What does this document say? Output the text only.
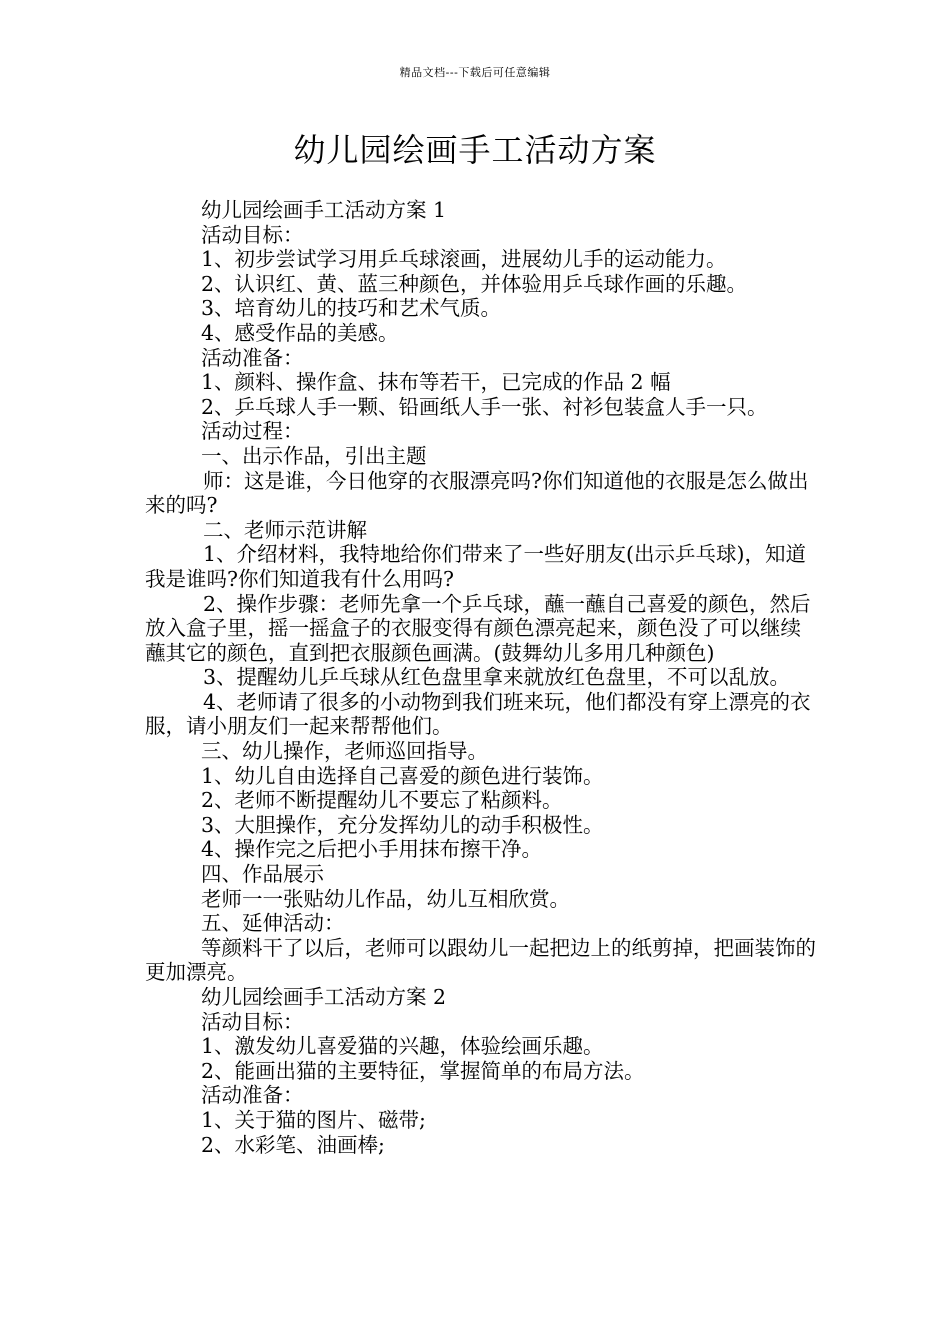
精品文档---下载后可任意编辑
幼儿园绘画手工活动方案

幼儿园绘画手工活动方案 1

活动目标：

1、初步尝试学习用乒乓球滚画，进展幼儿手的运动能力。

2、认识红、黄、蓝三种颜色，并体验用乒乓球作画的乐趣。

3、培育幼儿的技巧和艺术气质。

4、感受作品的美感。

活动准备：

1、颜料、操作盒、抹布等若干，已完成的作品 2 幅

2、乒乓球人手一颗、铅画纸人手一张、衬衫包装盒人手一只。

活动过程：

一、出示作品，引出主题

师：这是谁，今日他穿的衣服漂亮吗?你们知道他的衣服是怎么做出来的吗?

二、老师示范讲解

1、介绍材料，我特地给你们带来了一些好朋友(出示乒乓球)，知道我是谁吗?你们知道我有什么用吗?

2、操作步骤：老师先拿一个乒乓球，蘸一蘸自己喜爱的颜色，然后放入盒子里，摇一摇盒子的衣服变得有颜色漂亮起来，颜色没了可以继续蘸其它的颜色，直到把衣服颜色画满。(鼓舞幼儿多用几种颜色)

3、提醒幼儿乒乓球从红色盘里拿来就放红色盘里，不可以乱放。

4、老师请了很多的小动物到我们班来玩，他们都没有穿上漂亮的衣服，请小朋友们一起来帮帮他们。

三、幼儿操作，老师巡回指导。

1、幼儿自由选择自己喜爱的颜色进行装饰。

2、老师不断提醒幼儿不要忘了粘颜料。

3、大胆操作，充分发挥幼儿的动手积极性。

4、操作完之后把小手用抹布擦干净。

四、作品展示

老师一一张贴幼儿作品，幼儿互相欣赏。

五、延伸活动：

等颜料干了以后，老师可以跟幼儿一起把边上的纸剪掉，把画装饰的更加漂亮。

幼儿园绘画手工活动方案 2

活动目标：

1、激发幼儿喜爱猫的兴趣，体验绘画乐趣。

2、能画出猫的主要特征，掌握简单的布局方法。

活动准备：

1、关于猫的图片、磁带;

2、水彩笔、油画棒;
